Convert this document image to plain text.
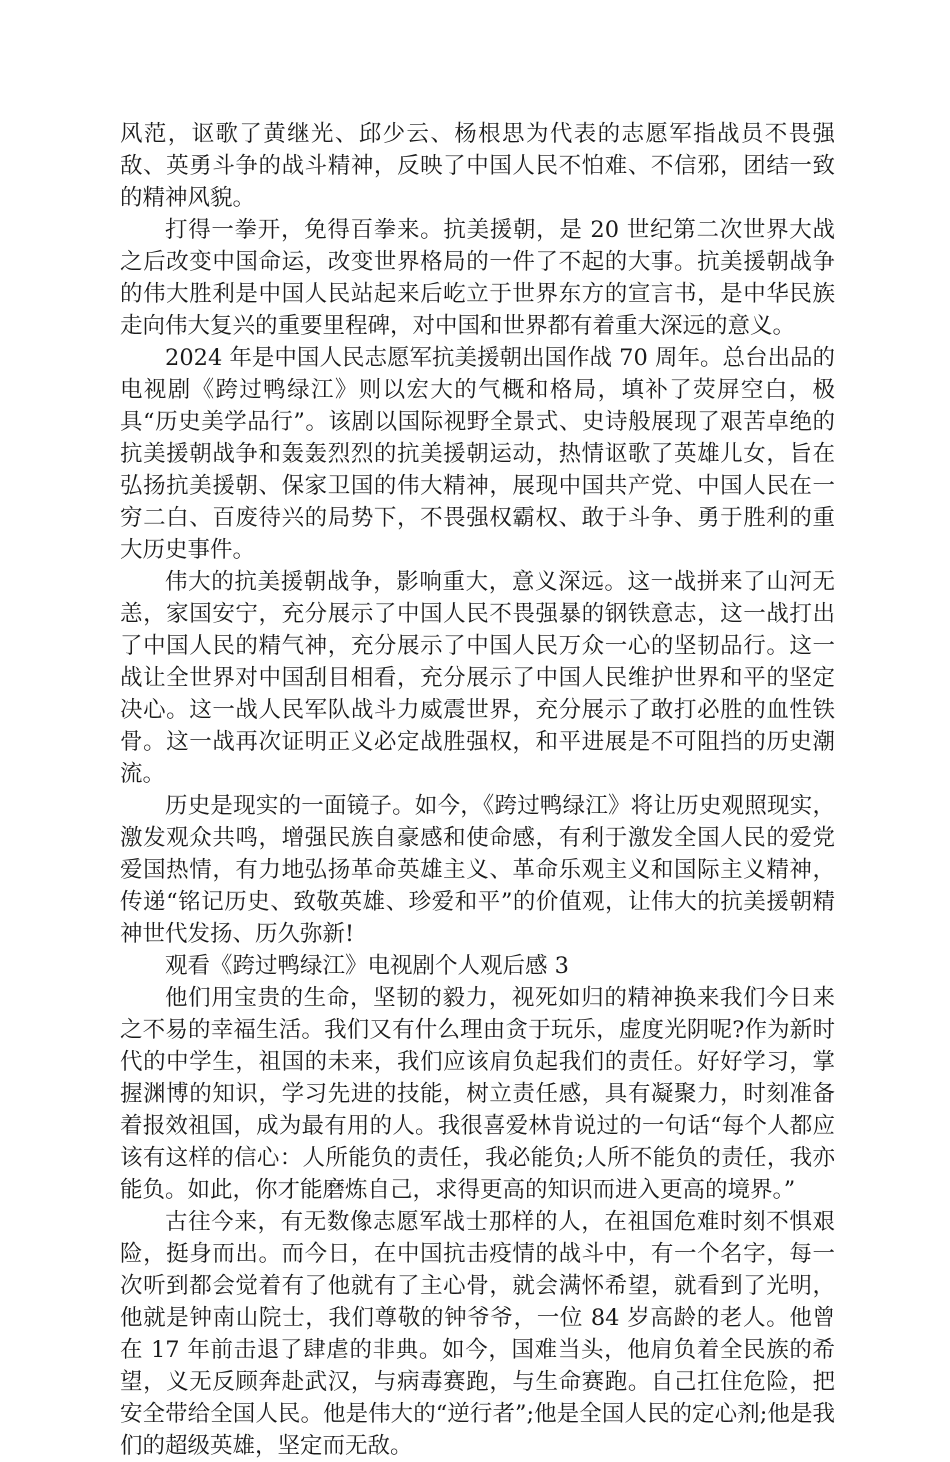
风范，讴歌了黄继光、邱少云、杨根思为代表的志愿军指战员不畏强敌、英勇斗争的战斗精神，反映了中国人民不怕难、不信邪，团结一致的精神风貌。

打得一拳开，免得百拳来。抗美援朝，是 20 世纪第二次世界大战之后改变中国命运，改变世界格局的一件了不起的大事。抗美援朝战争的伟大胜利是中国人民站起来后屹立于世界东方的宣言书，是中华民族走向伟大复兴的重要里程碑，对中国和世界都有着重大深远的意义。

2024 年是中国人民志愿军抗美援朝出国作战 70 周年。总台出品的电视剧《跨过鸭绿江》则以宏大的气概和格局，填补了荧屏空白，极具“历史美学品行”。该剧以国际视野全景式、史诗般展现了艰苦卓绝的抗美援朝战争和轰轰烈烈的抗美援朝运动，热情讴歌了英雄儿女，旨在弘扬抗美援朝、保家卫国的伟大精神，展现中国共产党、中国人民在一穷二白、百废待兴的局势下，不畏强权霸权、敢于斗争、勇于胜利的重大历史事件。

伟大的抗美援朝战争，影响重大，意义深远。这一战拼来了山河无恙，家国安宁，充分展示了中国人民不畏强暴的钢铁意志，这一战打出了中国人民的精气神，充分展示了中国人民万众一心的坚韧品行。这一战让全世界对中国刮目相看，充分展示了中国人民维护世界和平的坚定决心。这一战人民军队战斗力威震世界，充分展示了敢打必胜的血性铁骨。这一战再次证明正义必定战胜强权，和平进展是不可阻挡的历史潮流。

历史是现实的一面镜子。如今，《跨过鸭绿江》将让历史观照现实，激发观众共鸣，增强民族自豪感和使命感，有利于激发全国人民的爱党爱国热情，有力地弘扬革命英雄主义、革命乐观主义和国际主义精神，传递“铭记历史、致敬英雄、珍爱和平”的价值观，让伟大的抗美援朝精神世代发扬、历久弥新!

观看《跨过鸭绿江》电视剧个人观后感 3

他们用宝贵的生命，坚韧的毅力，视死如归的精神换来我们今日来之不易的幸福生活。我们又有什么理由贪于玩乐，虚度光阴呢?作为新时代的中学生，祖国的未来，我们应该肩负起我们的责任。好好学习，掌握渊博的知识，学习先进的技能，树立责任感，具有凝聚力，时刻准备着报效祖国，成为最有用的人。我很喜爱林肯说过的一句话“每个人都应该有这样的信心：人所能负的责任，我必能负;人所不能负的责任，我亦能负。如此，你才能磨炼自己，求得更高的知识而进入更高的境界。”

古往今来，有无数像志愿军战士那样的人，在祖国危难时刻不惧艰险，挺身而出。而今日，在中国抗击疫情的战斗中，有一个名字，每一次听到都会觉着有了他就有了主心骨，就会满怀希望，就看到了光明，他就是钟南山院士，我们尊敬的钟爷爷，一位 84 岁高龄的老人。他曾在 17 年前击退了肆虐的非典。如今，国难当头，他肩负着全民族的希望，义无反顾奔赴武汉，与病毒赛跑，与生命赛跑。自己扛住危险，把安全带给全国人民。他是伟大的“逆行者”;他是全国人民的定心剂;他是我们的超级英雄，坚定而无敌。
